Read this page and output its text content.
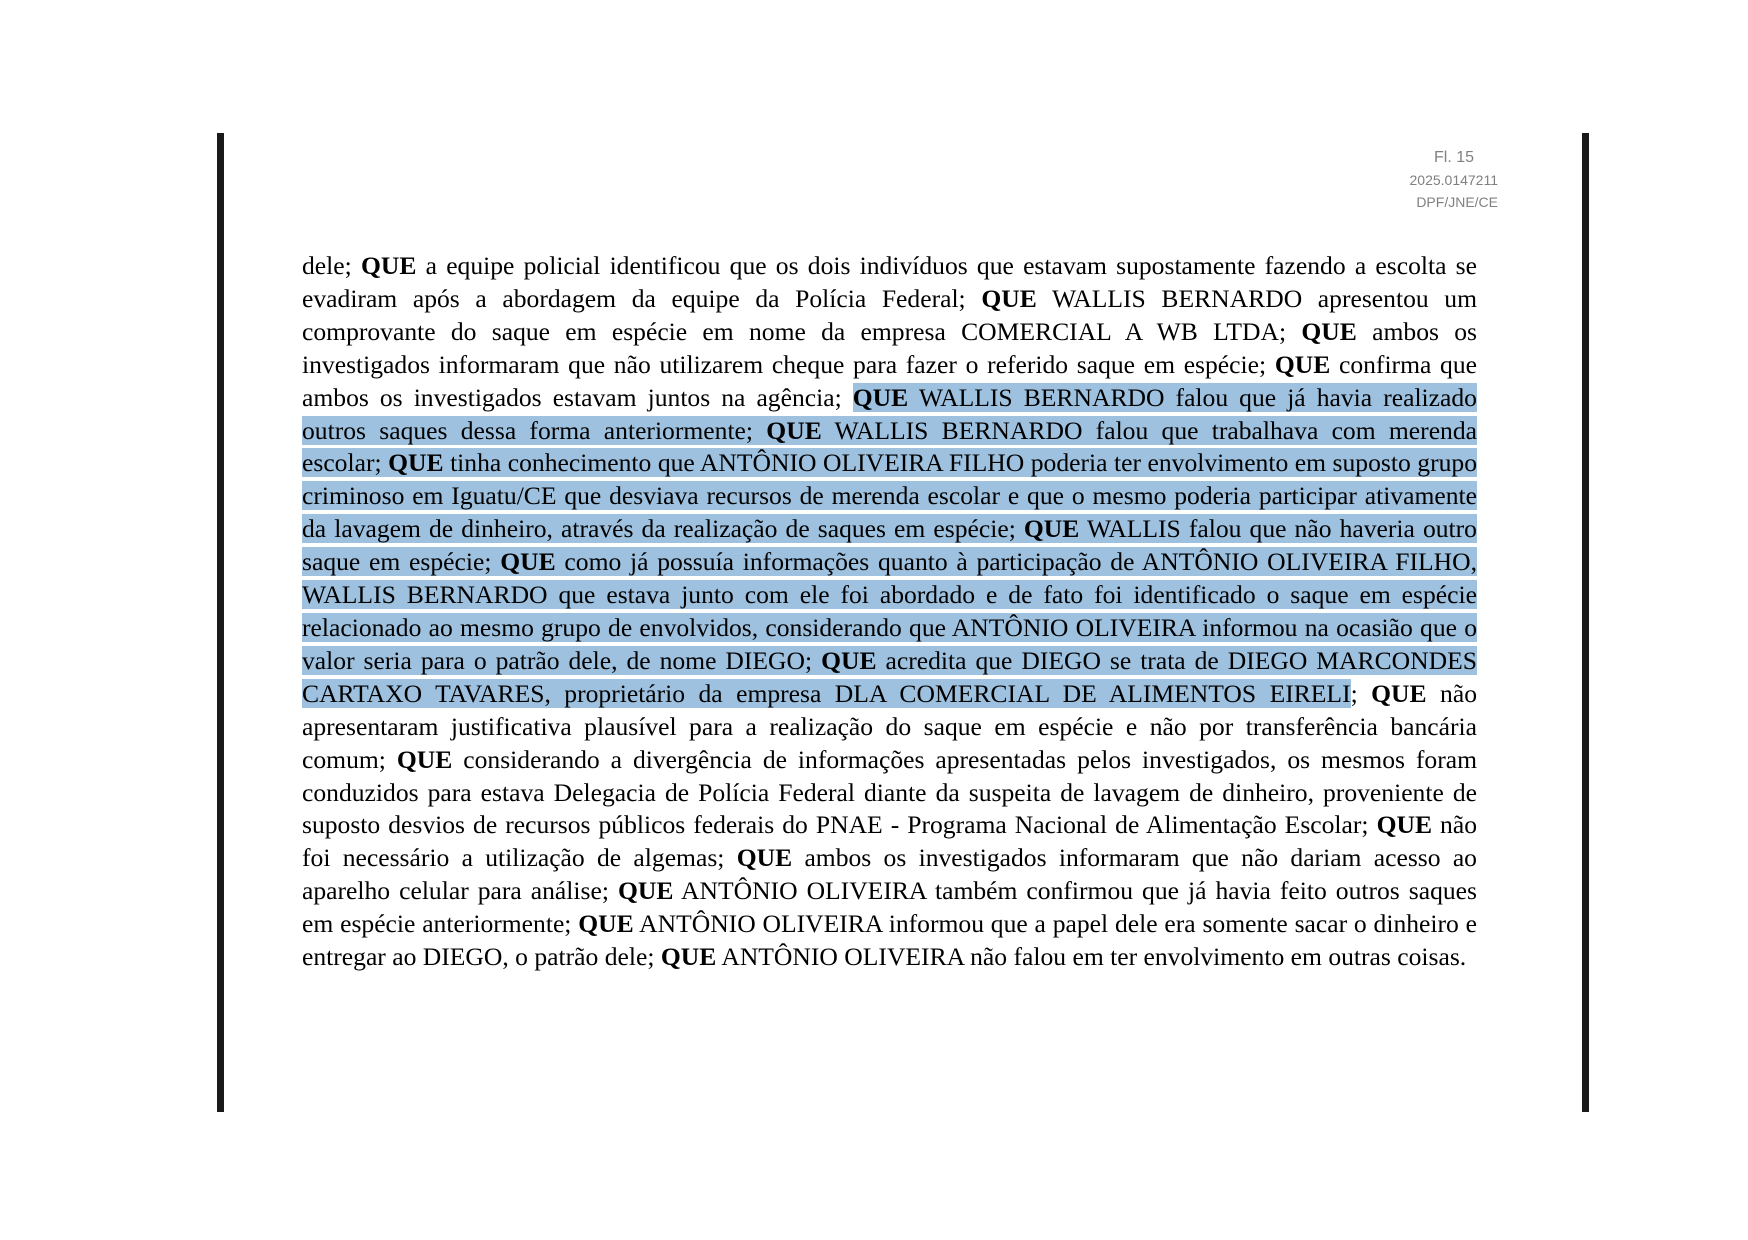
Fl. 15
2025.0147211
DPF/JNE/CE

dele; QUE a equipe policial identificou que os dois indivíduos que estavam supostamente fazendo a escolta se evadiram após a abordagem da equipe da Polícia Federal; QUE WALLIS BERNARDO apresentou um comprovante do saque em espécie em nome da empresa COMERCIAL A WB LTDA; QUE ambos os investigados informaram que não utilizarem cheque para fazer o referido saque em espécie; QUE confirma que ambos os investigados estavam juntos na agência; QUE WALLIS BERNARDO falou que já havia realizado outros saques dessa forma anteriormente; QUE WALLIS BERNARDO falou que trabalhava com merenda escolar; QUE tinha conhecimento que ANTÔNIO OLIVEIRA FILHO poderia ter envolvimento em suposto grupo criminoso em Iguatu/CE que desviava recursos de merenda escolar e que o mesmo poderia participar ativamente da lavagem de dinheiro, através da realização de saques em espécie; QUE WALLIS falou que não haveria outro saque em espécie; QUE como já possuía informações quanto à participação de ANTÔNIO OLIVEIRA FILHO, WALLIS BERNARDO que estava junto com ele foi abordado e de fato foi identificado o saque em espécie relacionado ao mesmo grupo de envolvidos, considerando que ANTÔNIO OLIVEIRA informou na ocasião que o valor seria para o patrão dele, de nome DIEGO; QUE acredita que DIEGO se trata de DIEGO MARCONDES CARTAXO TAVARES, proprietário da empresa DLA COMERCIAL DE ALIMENTOS EIRELI; QUE não apresentaram justificativa plausível para a realização do saque em espécie e não por transferência bancária comum; QUE considerando a divergência de informações apresentadas pelos investigados, os mesmos foram conduzidos para estava Delegacia de Polícia Federal diante da suspeita de lavagem de dinheiro, proveniente de suposto desvios de recursos públicos federais do PNAE - Programa Nacional de Alimentação Escolar; QUE não foi necessário a utilização de algemas; QUE ambos os investigados informaram que não dariam acesso ao aparelho celular para análise; QUE ANTÔNIO OLIVEIRA também confirmou que já havia feito outros saques em espécie anteriormente; QUE ANTÔNIO OLIVEIRA informou que a papel dele era somente sacar o dinheiro e entregar ao DIEGO, o patrão dele; QUE ANTÔNIO OLIVEIRA não falou em ter envolvimento em outras coisas.
